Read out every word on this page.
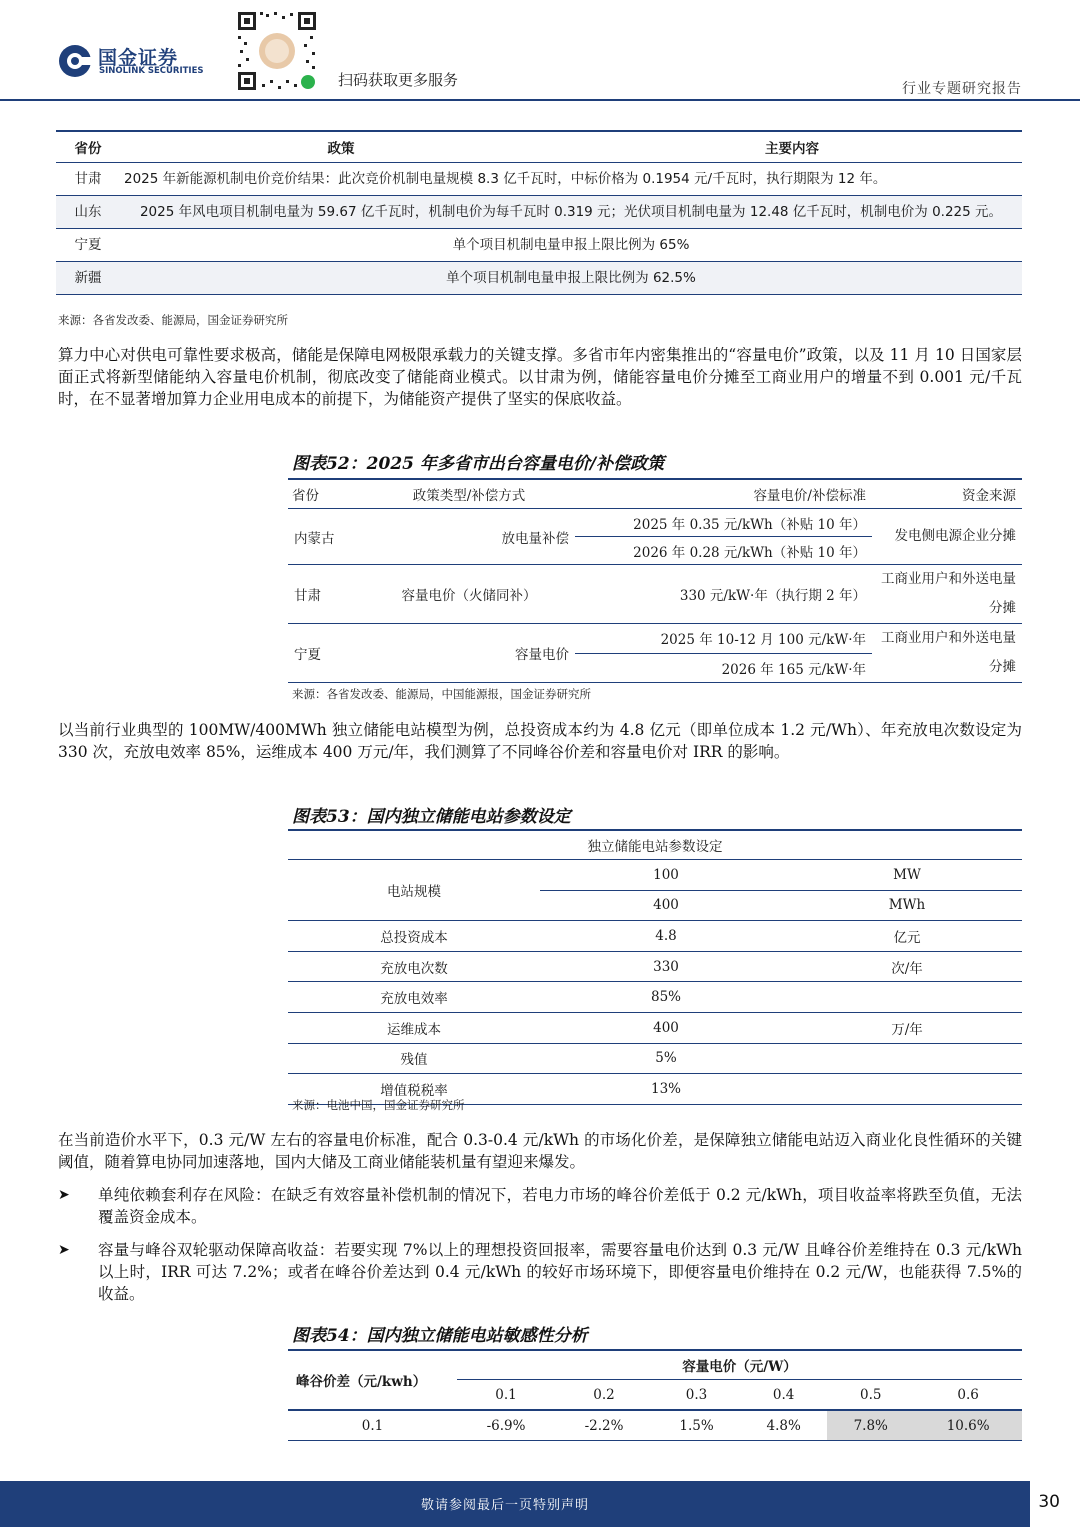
国金证券
SINOLINK SECURITIES	扫码获取更多服务	行业专题研究报告
省份	政策	主要内容
甘肃	2025 年新能源机制电价竞价结果：此次竞价机制电量规模 8.3 亿千瓦时，中标价格为 0.1954 元/千瓦时，执行期限为 12 年。	
山东	2025 年风电项目机制电量为 59.67 亿千瓦时，机制电价为每千瓦时 0.319 元；光伏项目机制电量为 12.48 亿千瓦时，机制电价为 0.225 元。	
宁夏	单个项目机制电量申报上限比例为 65%	
新疆	单个项目机制电量申报上限比例为 62.5%	
来源：各省发改委、能源局，国金证券研究所
算力中心对供电可靠性要求极高，储能是保障电网极限承载力的关键支撑。多省市年内密集推出的“容量电价”政策，以及 11 月 10 日国家层面正式将新型储能纳入容量电价机制，彻底改变了储能商业模式。以甘肃为例，储能容量电价分摊至工商业用户的增量不到 0.001 元/千瓦时，在不显著增加算力企业用电成本的前提下，为储能资产提供了坚实的保底收益。
图表52：2025 年多省市出台容量电价/补偿政策
省份	政策类型/补偿方式	容量电价/补偿标准	资金来源
内蒙古	放电量补偿	2025 年 0.35 元/kWh（补贴 10 年）	发电侧电源企业分摊
		2026 年 0.28 元/kWh（补贴 10 年）	
甘肃	容量电价（火储同补）	330 元/kW·年（执行期 2 年）	工商业用户和外送电量分摊
宁夏	容量电价	2025 年 10-12 月 100 元/kW·年	工商业用户和外送电量分摊
		2026 年 165 元/kW·年	
来源：各省发改委、能源局，中国能源报，国金证券研究所
以当前行业典型的 100MW/400MWh 独立储能电站模型为例，总投资成本约为 4.8 亿元（即单位成本 1.2 元/Wh）、年充放电次数设定为 330 次，充放电效率 85%，运维成本 400 万元/年，我们测算了不同峰谷价差和容量电价对 IRR 的影响。
图表53：国内独立储能电站参数设定
独立储能电站参数设定		
电站规模	100	MW
	400	MWh
总投资成本	4.8	亿元
充放电次数	330	次/年
充放电效率	85%	
运维成本	400	万/年
残值	5%	
增值税税率	13%	
来源：电池中国，国金证券研究所
在当前造价水平下，0.3 元/W 左右的容量电价标准，配合 0.3-0.4 元/kWh 的市场化价差，是保障独立储能电站迈入商业化良性循环的关键阈值，随着算电协同加速落地，国内大储及工商业储能装机量有望迎来爆发。
➤ 单纯依赖套利存在风险：在缺乏有效容量补偿机制的情况下，若电力市场的峰谷价差低于 0.2 元/kWh，项目收益率将跌至负值，无法覆盖资金成本。
➤ 容量与峰谷双轮驱动保障高收益：若要实现 7%以上的理想投资回报率，需要容量电价达到 0.3 元/W 且峰谷价差维持在 0.3 元/kWh 以上时，IRR 可达 7.2%；或者在峰谷价差达到 0.4 元/kWh 的较好市场环境下，即便容量电价维持在 0.2 元/W，也能获得 7.5%的收益。
图表54：国内独立储能电站敏感性分析
峰谷价差（元/kwh）	容量电价（元/W）					
	0.1	0.2	0.3	0.4	0.5	0.6
0.1	-6.9%	-2.2%	1.5%	4.8%	7.8%	10.6%
敬请参阅最后一页特别声明	30
